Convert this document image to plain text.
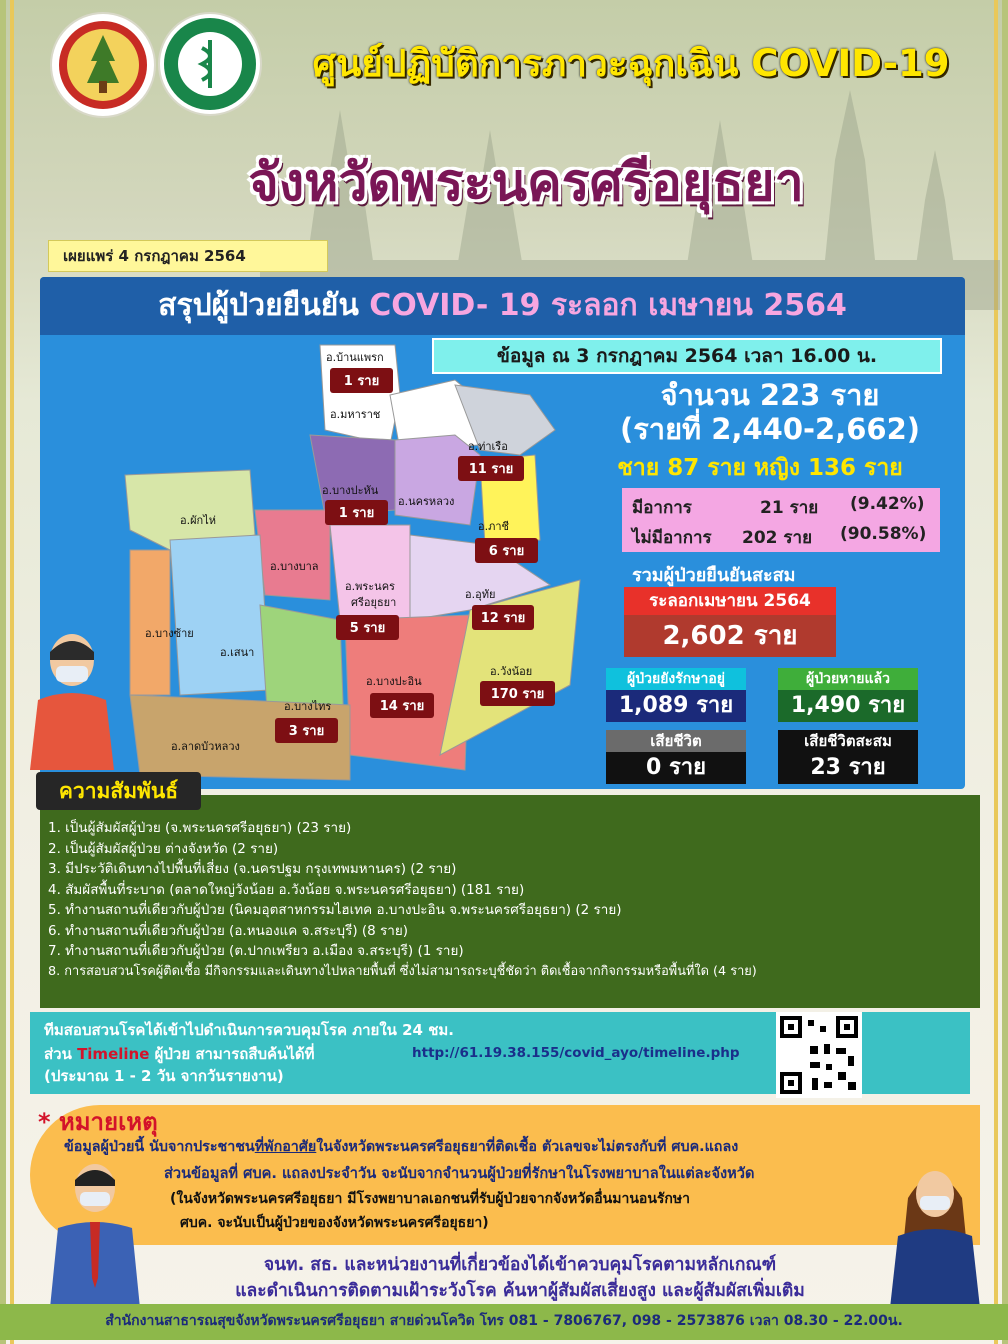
ศูนย์ปฏิบัติการภาวะฉุกเฉิน COVID-19
จังหวัดพระนครศรีอยุธยา
เผยแพร่ 4 กรกฎาคม 2564
สรุปผู้ป่วยยืนยัน COVID- 19 ระลอก เมษายน 2564
อ.บ้านแพรก
อ.มหาราช
อ.ท่าเรือ
อ.บางปะหัน
อ.นครหลวง
อ.ผักไห่	อ.ภาชี
อ.บางบาล
อ.พระนคร
ศรีอยุธยา
อ.อุทัย
อ.บางซ้าย
อ.เสนา
อ.วังน้อย
อ.บางปะอิน
อ.บางไทร
อ.ลาดบัวหลวง
1 ราย
11 ราย
1 ราย
6 ราย
5 ราย
12 ราย
170 ราย
14 ราย
3 ราย
ข้อมูล ณ 3 กรกฎาคม 2564 เวลา 16.00 น.
จำนวน 223 ราย
(รายที่ 2,440-2,662)
ชาย 87 ราย หญิง 136 ราย
มีอาการ	21 ราย (9.42%)
ไม่มีอาการ 202 ราย (90.58%)
รวมผู้ป่วยยืนยันสะสม
ระลอกเมษายน 2564
2,602 ราย
ผู้ป่วยยังรักษาอยู่
1,089 ราย
ผู้ป่วยหายแล้ว
1,490 ราย
เสียชีวิต
0 ราย
เสียชีวิตสะสม
23 ราย
ความสัมพันธ์
1. เป็นผู้สัมผัสผู้ป่วย (จ.พระนครศรีอยุธยา) (23 ราย)
2. เป็นผู้สัมผัสผู้ป่วย ต่างจังหวัด (2 ราย)
3. มีประวัติเดินทางไปพื้นที่เสี่ยง (จ.นครปฐม กรุงเทพมหานคร) (2 ราย)
4. สัมผัสพื้นที่ระบาด (ตลาดใหญ่วังน้อย อ.วังน้อย จ.พระนครศรีอยุธยา) (181 ราย)
5. ทำงานสถานที่เดียวกับผู้ป่วย (นิคมอุตสาหกรรมไฮเทค อ.บางปะอิน จ.พระนครศรีอยุธยา) (2 ราย)
6. ทำงานสถานที่เดียวกับผู้ป่วย (อ.หนองแค จ.สระบุรี) (8 ราย)
7. ทำงานสถานที่เดียวกับผู้ป่วย (ต.ปากเพรียว อ.เมือง จ.สระบุรี) (1 ราย)
8. การสอบสวนโรคผู้ติดเชื้อ มีกิจกรรมและเดินทางไปหลายพื้นที่ ซึ่งไม่สามารถระบุชี้ชัดว่า ติดเชื้อจากกิจกรรมหรือพื้นที่ใด (4 ราย)
ทีมสอบสวนโรคได้เข้าไปดำเนินการควบคุมโรค ภายใน 24 ชม.
ส่วน Timeline ผู้ป่วย สามารถสืบค้นได้ที่
(ประมาณ 1 - 2 วัน จากวันรายงาน)
http://61.19.38.155/covid_ayo/timeline.php
* หมายเหตุ
ข้อมูลผู้ป่วยนี้ นับจากประชาชนที่พักอาศัยในจังหวัดพระนครศรีอยุธยาที่ติดเชื้อ ตัวเลขจะไม่ตรงกับที่ ศบค.แถลง
ส่วนข้อมูลที่ ศบค. แถลงประจำวัน จะนับจากจำนวนผู้ป่วยที่รักษาในโรงพยาบาลในแต่ละจังหวัด
(ในจังหวัดพระนครศรีอยุธยา มีโรงพยาบาลเอกชนที่รับผู้ป่วยจากจังหวัดอื่นมานอนรักษา
ศบค. จะนับเป็นผู้ป่วยของจังหวัดพระนครศรีอยุธยา)
จนท. สธ. และหน่วยงานที่เกี่ยวข้องได้เข้าควบคุมโรคตามหลักเกณฑ์
และดำเนินการติดตามเฝ้าระวังโรค ค้นหาผู้สัมผัสเสี่ยงสูง และผู้สัมผัสเพิ่มเติม
สำนักงานสาธารณสุขจังหวัดพระนครศรีอยุธยา สายด่วนโควิด โทร 081 - 7806767, 098 - 2573876 เวลา 08.30 - 22.00น.
